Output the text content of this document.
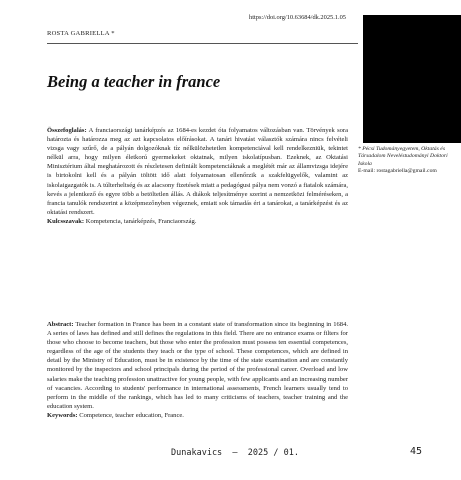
https://doi.org/10.63684/dk.2025.1.05
ROSTA GABRIELLA *
Being a teacher in france
Összefoglalás: A franciaországi tanárképzés az 1684-es kezdet óta folyamatos változásban van. Törvények sora határozta és határozza meg az azt kapcsolatos előírásokat. A tanári hivatást választók számára nincs felvételi vizsga vagy szűrő, de a pályán dolgozóknak tíz nélkülözhetetlen kompetenciával kell rendelkezniük, tekintet nélkül arra, hogy milyen életkorú gyermekeket oktatnak, milyen iskolatípusban. Ezeknek, az Oktatási Minisztérium által meghatározott és részletesen definiált kompetenciáknak a meglétét már az államvizsga idejére is birtokolni kell és a pályán töltött idő alatt folyamatosan ellenőrzik a szakfelügyelők, valamint az iskolaigazgatók is. A túlterheltség és az alacsony fizetések miatt a pedagógusi pálya nem vonzó a fiatalok számára, kevés a jelentkező és egyre több a betöltetlen állás. A diákok teljesítménye szerint a nemzetközi felméréseken, a francia tanulók rendszerint a középmezőnyben végeznek, emiatt sok támadás éri a tanárokat, a tanárképzést és az oktatási rendszert.
Kulcsszavak: Kompetencia, tanárképzés, Franciaország.
* Pécsi Tudományegyetem, Oktatás és Társadalom Neveléstudományi Doktori Iskola
E-mail: rostagabriella@gmail.com
Abstract: Teacher formation in France has been in a constant state of transformation since its beginning in 1684. A series of laws has defined and still defines the regulations in this field. There are no entrance exams or filters for those who choose to become teachers, but those who enter the profession must possess ten essential competences, regardless of the age of the students they teach or the type of school. These competences, which are defined in detail by the Ministry of Education, must be in existence by the time of the state examination and are constantly monitored by the inspectors and school principals during the period of the professional career. Overload and low salaries make the teaching profession unattractive for young people, with few applicants and an increasing number of vacancies. According to students' performance in international assessments, French learners usually tend to perform in the middle of the rankings, which has led to many criticisms of teachers, teacher training and the education system.
Keywords: Competence, teacher education, France.
Dunakavics  –  2025 / 01.	45
